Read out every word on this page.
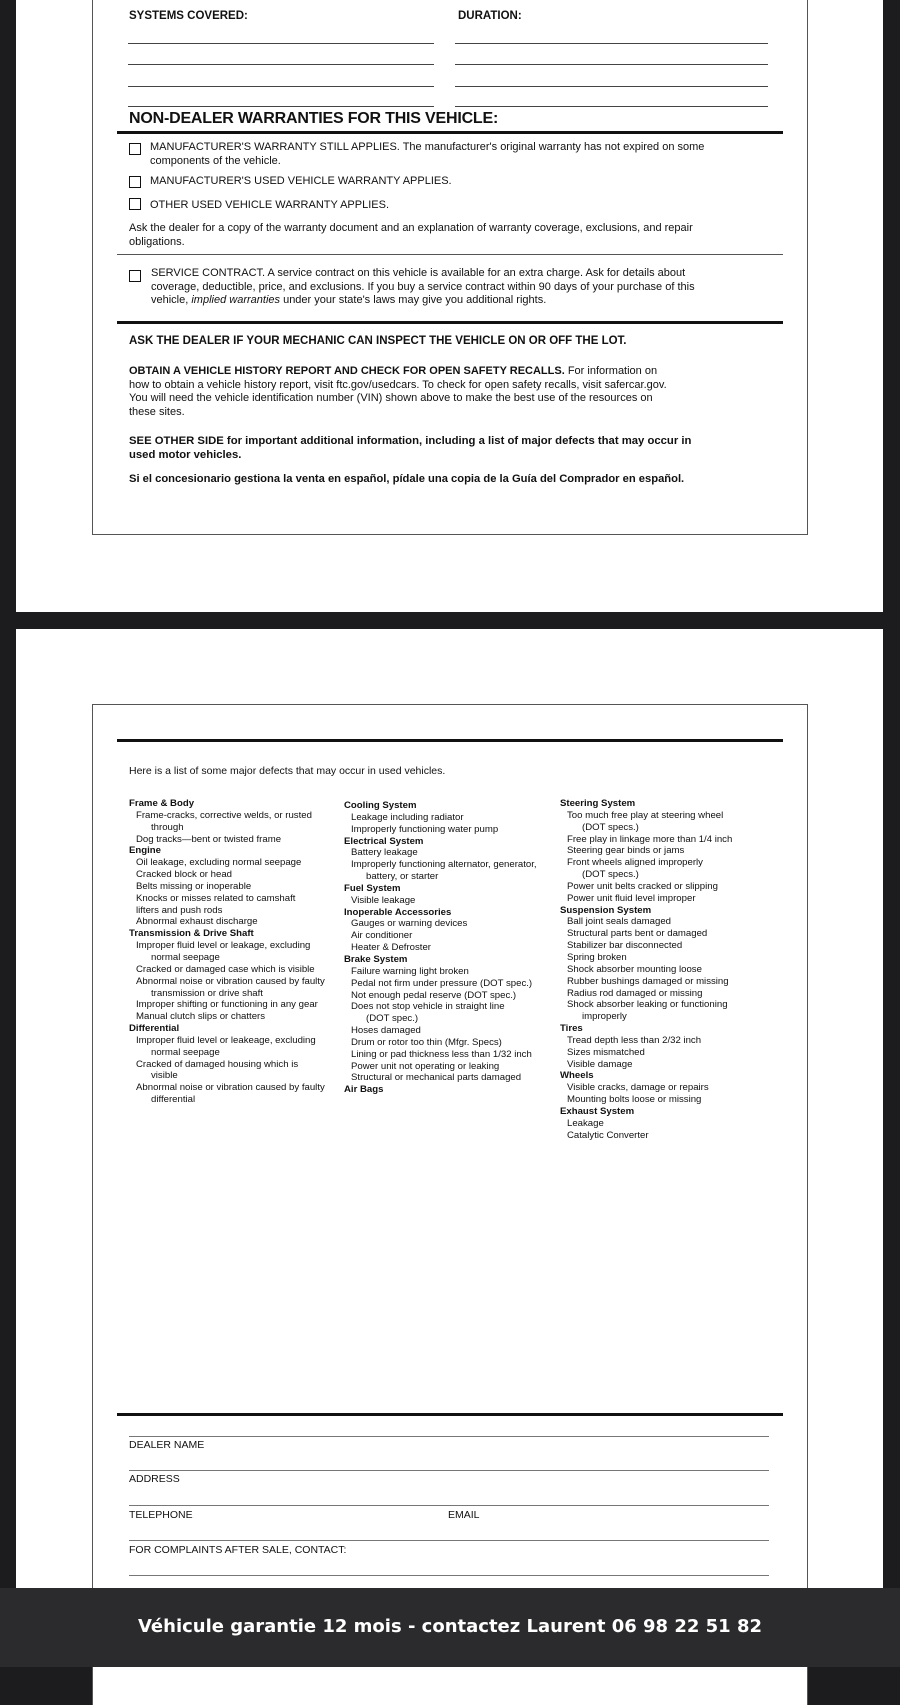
SYSTEMS COVERED:	DURATION:
NON-DEALER WARRANTIES FOR THIS VEHICLE:
MANUFACTURER'S WARRANTY STILL APPLIES. The manufacturer's original warranty has not expired on some
components of the vehicle.
MANUFACTURER'S USED VEHICLE WARRANTY APPLIES.
OTHER USED VEHICLE WARRANTY APPLIES.
Ask the dealer for a copy of the warranty document and an explanation of warranty coverage, exclusions, and repair
obligations.
SERVICE CONTRACT. A service contract on this vehicle is available for an extra charge. Ask for details about
coverage, deductible, price, and exclusions. If you buy a service contract within 90 days of your purchase of this
vehicle, implied warranties under your state's laws may give you additional rights.
ASK THE DEALER IF YOUR MECHANIC CAN INSPECT THE VEHICLE ON OR OFF THE LOT.
OBTAIN A VEHICLE HISTORY REPORT AND CHECK FOR OPEN SAFETY RECALLS. For information on
how to obtain a vehicle history report, visit ftc.gov/usedcars. To check for open safety recalls, visit safercar.gov.
You will need the vehicle identification number (VIN) shown above to make the best use of the resources on
these sites.
SEE OTHER SIDE for important additional information, including a list of major defects that may occur in
used motor vehicles.
Si el concesionario gestiona la venta en español, pídale una copia de la Guía del Comprador en español.
Here is a list of some major defects that may occur in used vehicles.
Frame & Body
Frame-cracks, corrective welds, or rusted
through
Dog tracks—bent or twisted frame
Engine
Oil leakage, excluding normal seepage
Cracked block or head
Belts missing or inoperable
Knocks or misses related to camshaft
lifters and push rods
Abnormal exhaust discharge
Transmission & Drive Shaft
Improper fluid level or leakage, excluding
normal seepage
Cracked or damaged case which is visible
Abnormal noise or vibration caused by faulty
transmission or drive shaft
Improper shifting or functioning in any gear
Manual clutch slips or chatters
Differential
Improper fluid level or leakeage, excluding
normal seepage
Cracked of damaged housing which is
visible
Abnormal noise or vibration caused by faulty
differential
Cooling System
Leakage including radiator
Improperly functioning water pump
Electrical System
Battery leakage
Improperly functioning alternator, generator,
battery, or starter
Fuel System
Visible leakage
Inoperable Accessories
Gauges or warning devices
Air conditioner
Heater & Defroster
Brake System
Failure warning light broken
Pedal not firm under pressure (DOT spec.)
Not enough pedal reserve (DOT spec.)
Does not stop vehicle in straight line
(DOT spec.)
Hoses damaged
Drum or rotor too thin (Mfgr. Specs)
Lining or pad thickness less than 1/32 inch
Power unit not operating or leaking
Structural or mechanical parts damaged
Air Bags
Steering System
Too much free play at steering wheel
(DOT specs.)
Free play in linkage more than 1/4 inch
Steering gear binds or jams
Front wheels aligned improperly
(DOT specs.)
Power unit belts cracked or slipping
Power unit fluid level improper
Suspension System
Ball joint seals damaged
Structural parts bent or damaged
Stabilizer bar disconnected
Spring broken
Shock absorber mounting loose
Rubber bushings damaged or missing
Radius rod damaged or missing
Shock absorber leaking or functioning
improperly
Tires
Tread depth less than 2/32 inch
Sizes mismatched
Visible damage
Wheels
Visible cracks, damage or repairs
Mounting bolts loose or missing
Exhaust System
Leakage
Catalytic Converter
DEALER NAME
ADDRESS
TELEPHONE	EMAIL
FOR COMPLAINTS AFTER SALE, CONTACT:
Véhicule garantie 12 mois - contactez Laurent 06 98 22 51 82
